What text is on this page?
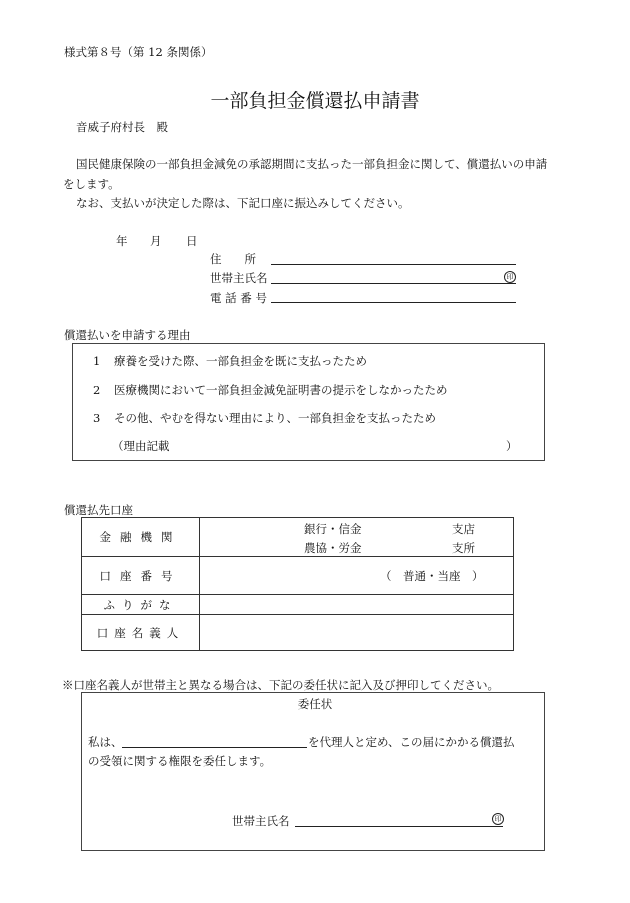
様式第８号（第 12 条関係）
一部負担金償還払申請書
音威子府村長　殿
国民健康保険の一部負担金減免の承認期間に支払った一部負担金に関して、償還払いの申請
をします。
なお、支払いが決定した際は、下記口座に振込みしてください。
年 月 日
住　　所
世帯主氏名	印
電 話 番 号
償還払いを申請する理由
1 療養を受けた際、一部負担金を既に支払ったため
2 医療機関において一部負担金減免証明書の提示をしなかったため
3 その他、やむを得ない理由により、一部負担金を支払ったため
（理由記載	）
償還払先口座
金融機関	銀行・信金 支店
農協・労金 支所

口座番号	（　普通・当座　）
ふりがな	
口座名義人	
※口座名義人が世帯主と異なる場合は、下記の委任状に記入及び押印してください。
委任状
私は、	を代理人と定め、この届にかかる償還払
の受領に関する権限を委任します。
世帯主氏名	印
